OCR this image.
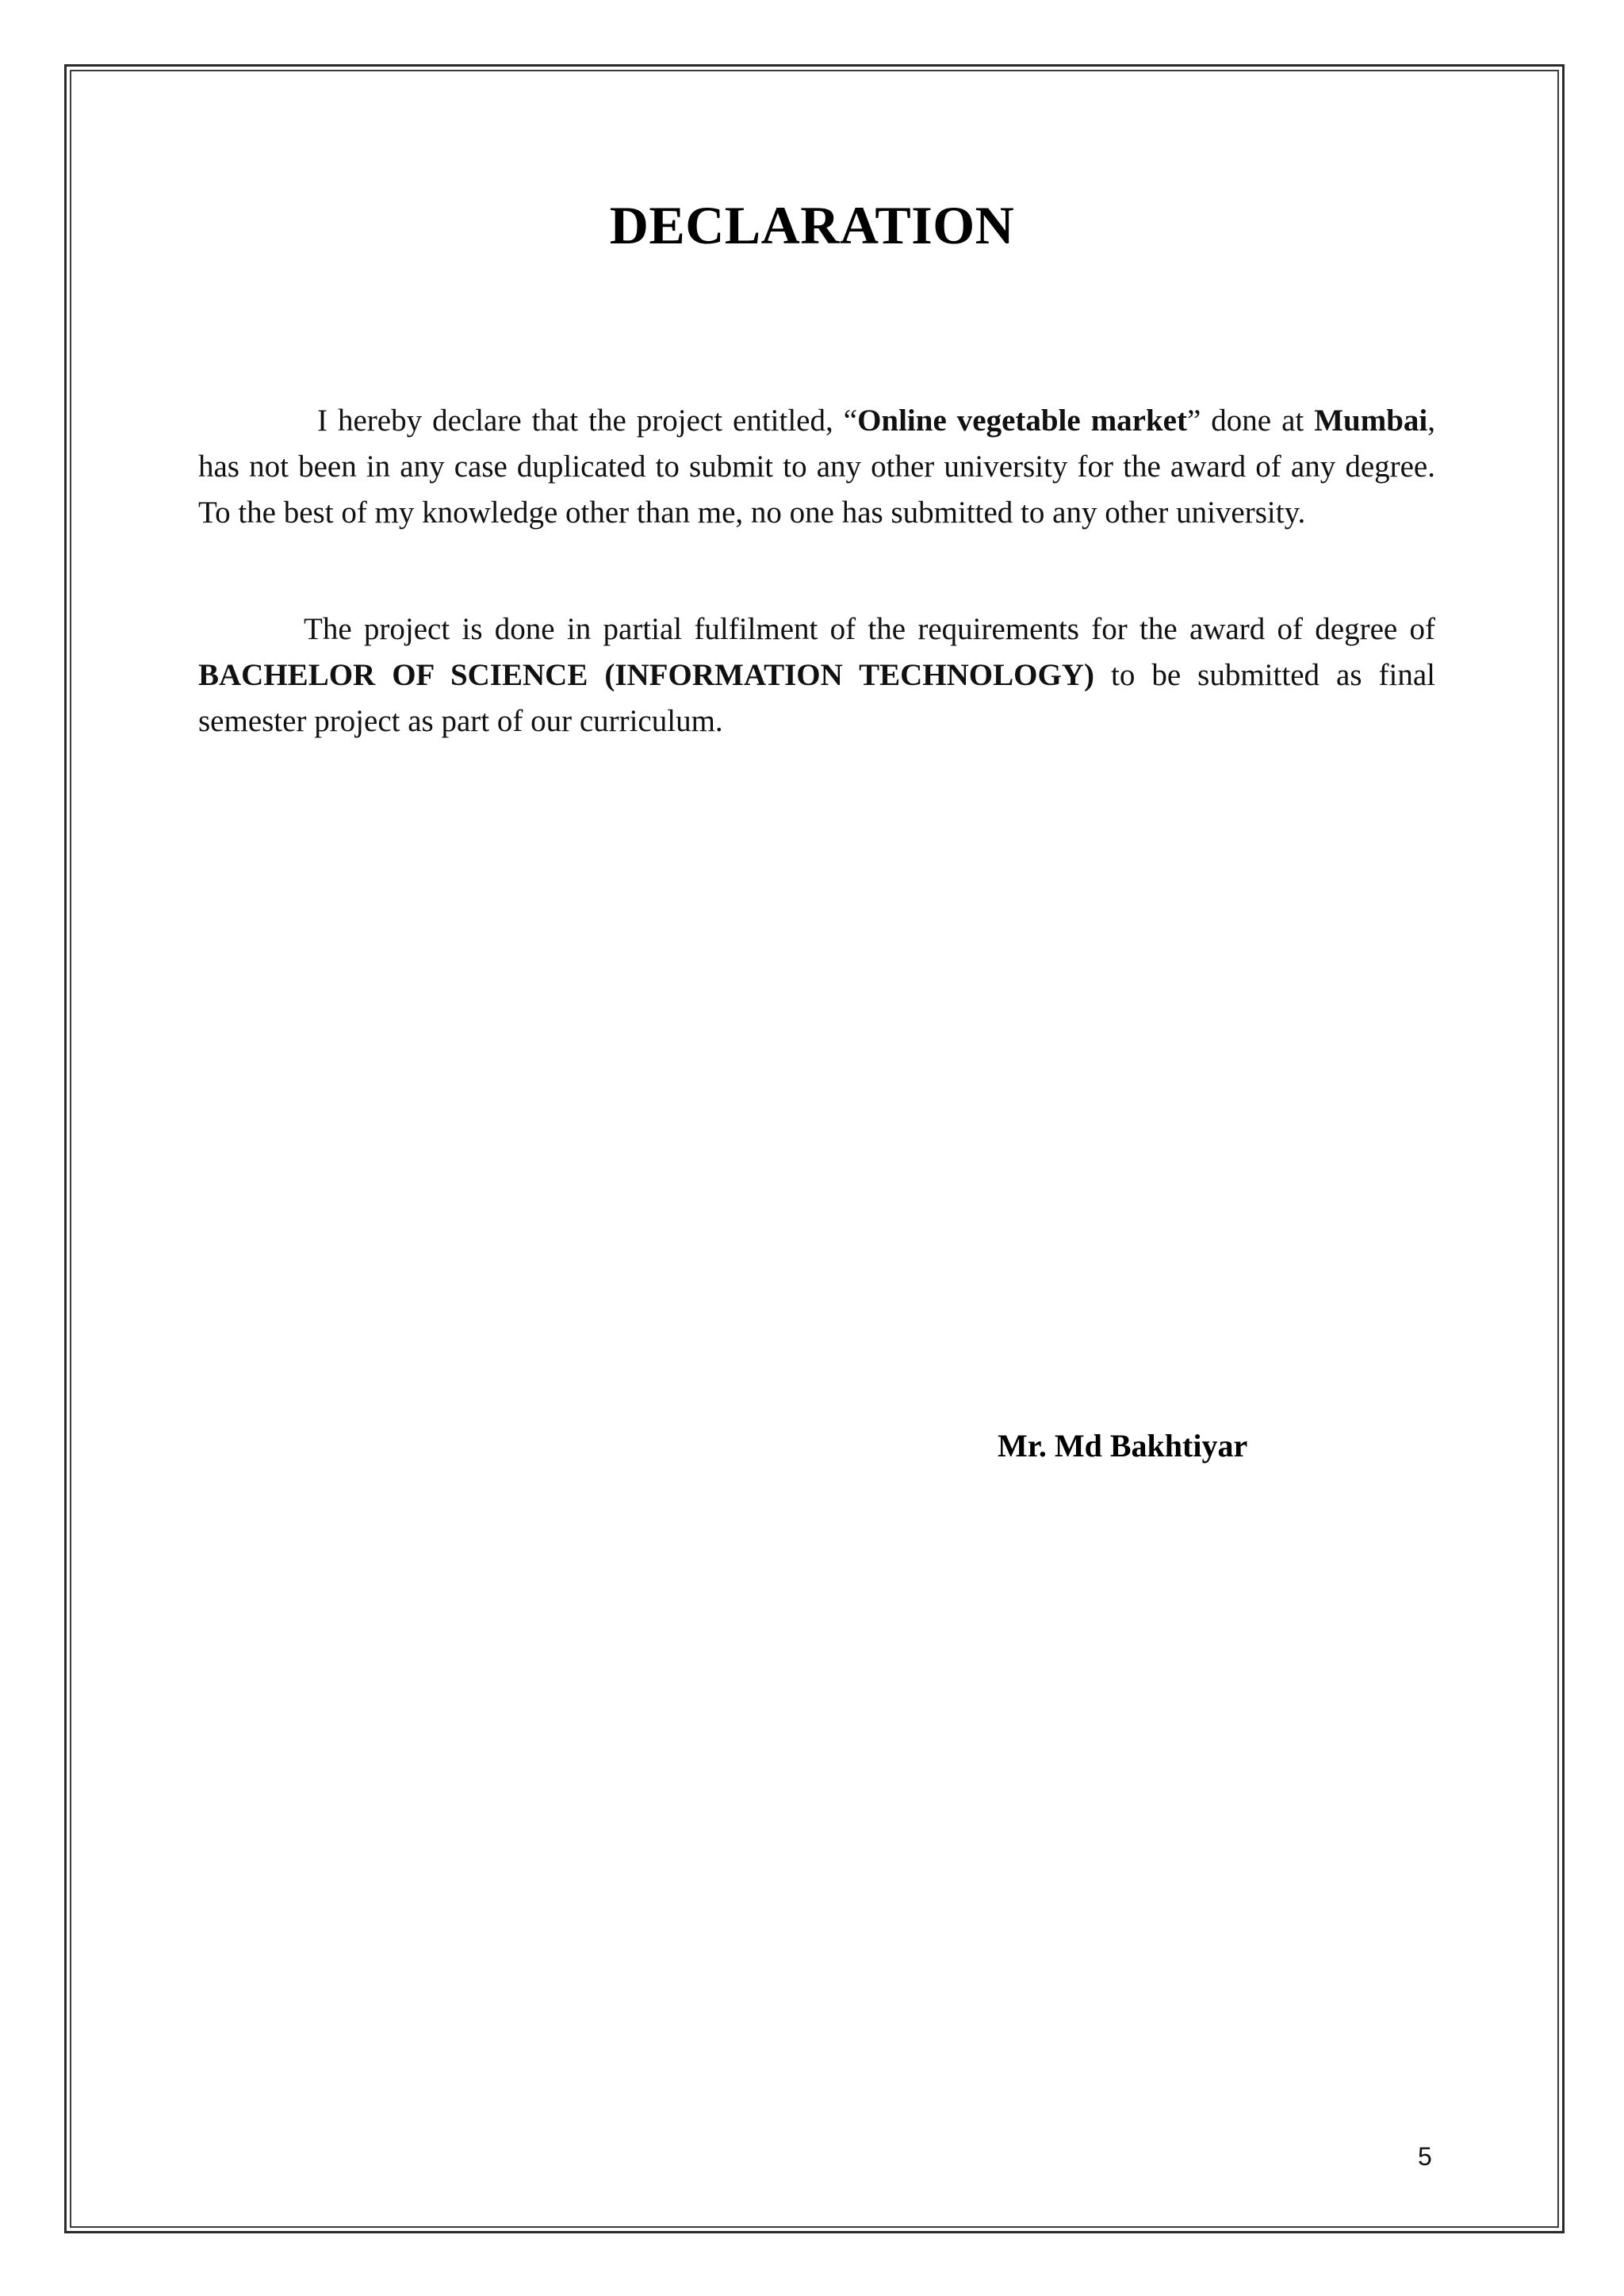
DECLARATION

I hereby declare that the project entitled, “Online vegetable market” done at Mumbai, has not been in any case duplicated to submit to any other university for the award of any degree. To the best of my knowledge other than me, no one has submitted to any other university.

The project is done in partial fulfilment of the requirements for the award of degree of BACHELOR OF SCIENCE (INFORMATION TECHNOLOGY) to be submitted as final semester project as part of our curriculum.

Mr. Md Bakhtiyar
5
